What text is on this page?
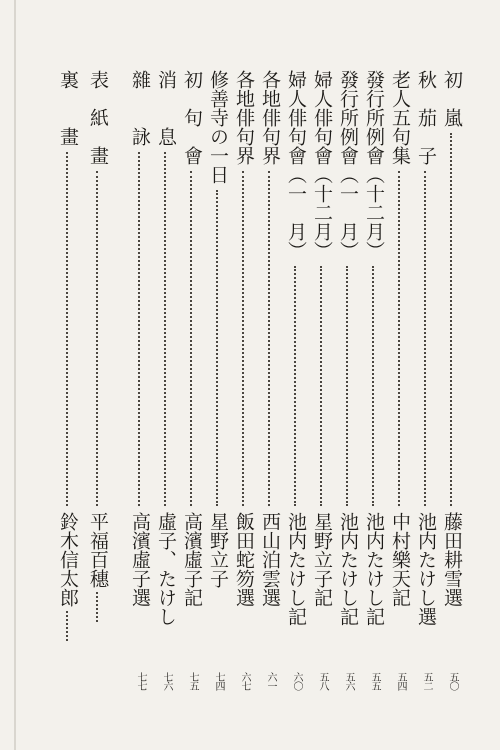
初　嵐
藤田耕雪選
五〇
秋　茄　子
池内たけし選
五二
老人五句集
中村樂天記
五四
發行所例會（十二月）
池内たけし記
五五
發行所例會（一　月）
池内たけし記
五六
婦人俳句會（十二月）
星野立子記
五八
婦人俳句會（一　月）
池内たけし記
六〇
各地俳句界
西山泊雲選
六一
各地俳句界
飯田蛇笏選
六七
修善寺の一日
星野立子
七四
初　句　會
高濱虛子記
七五
消　　息
虛子、たけし
七六
雜　　詠
高濱虛子選
七七
表　紙　畫
平福百穗
裏　　畫
鈴木信太郎
